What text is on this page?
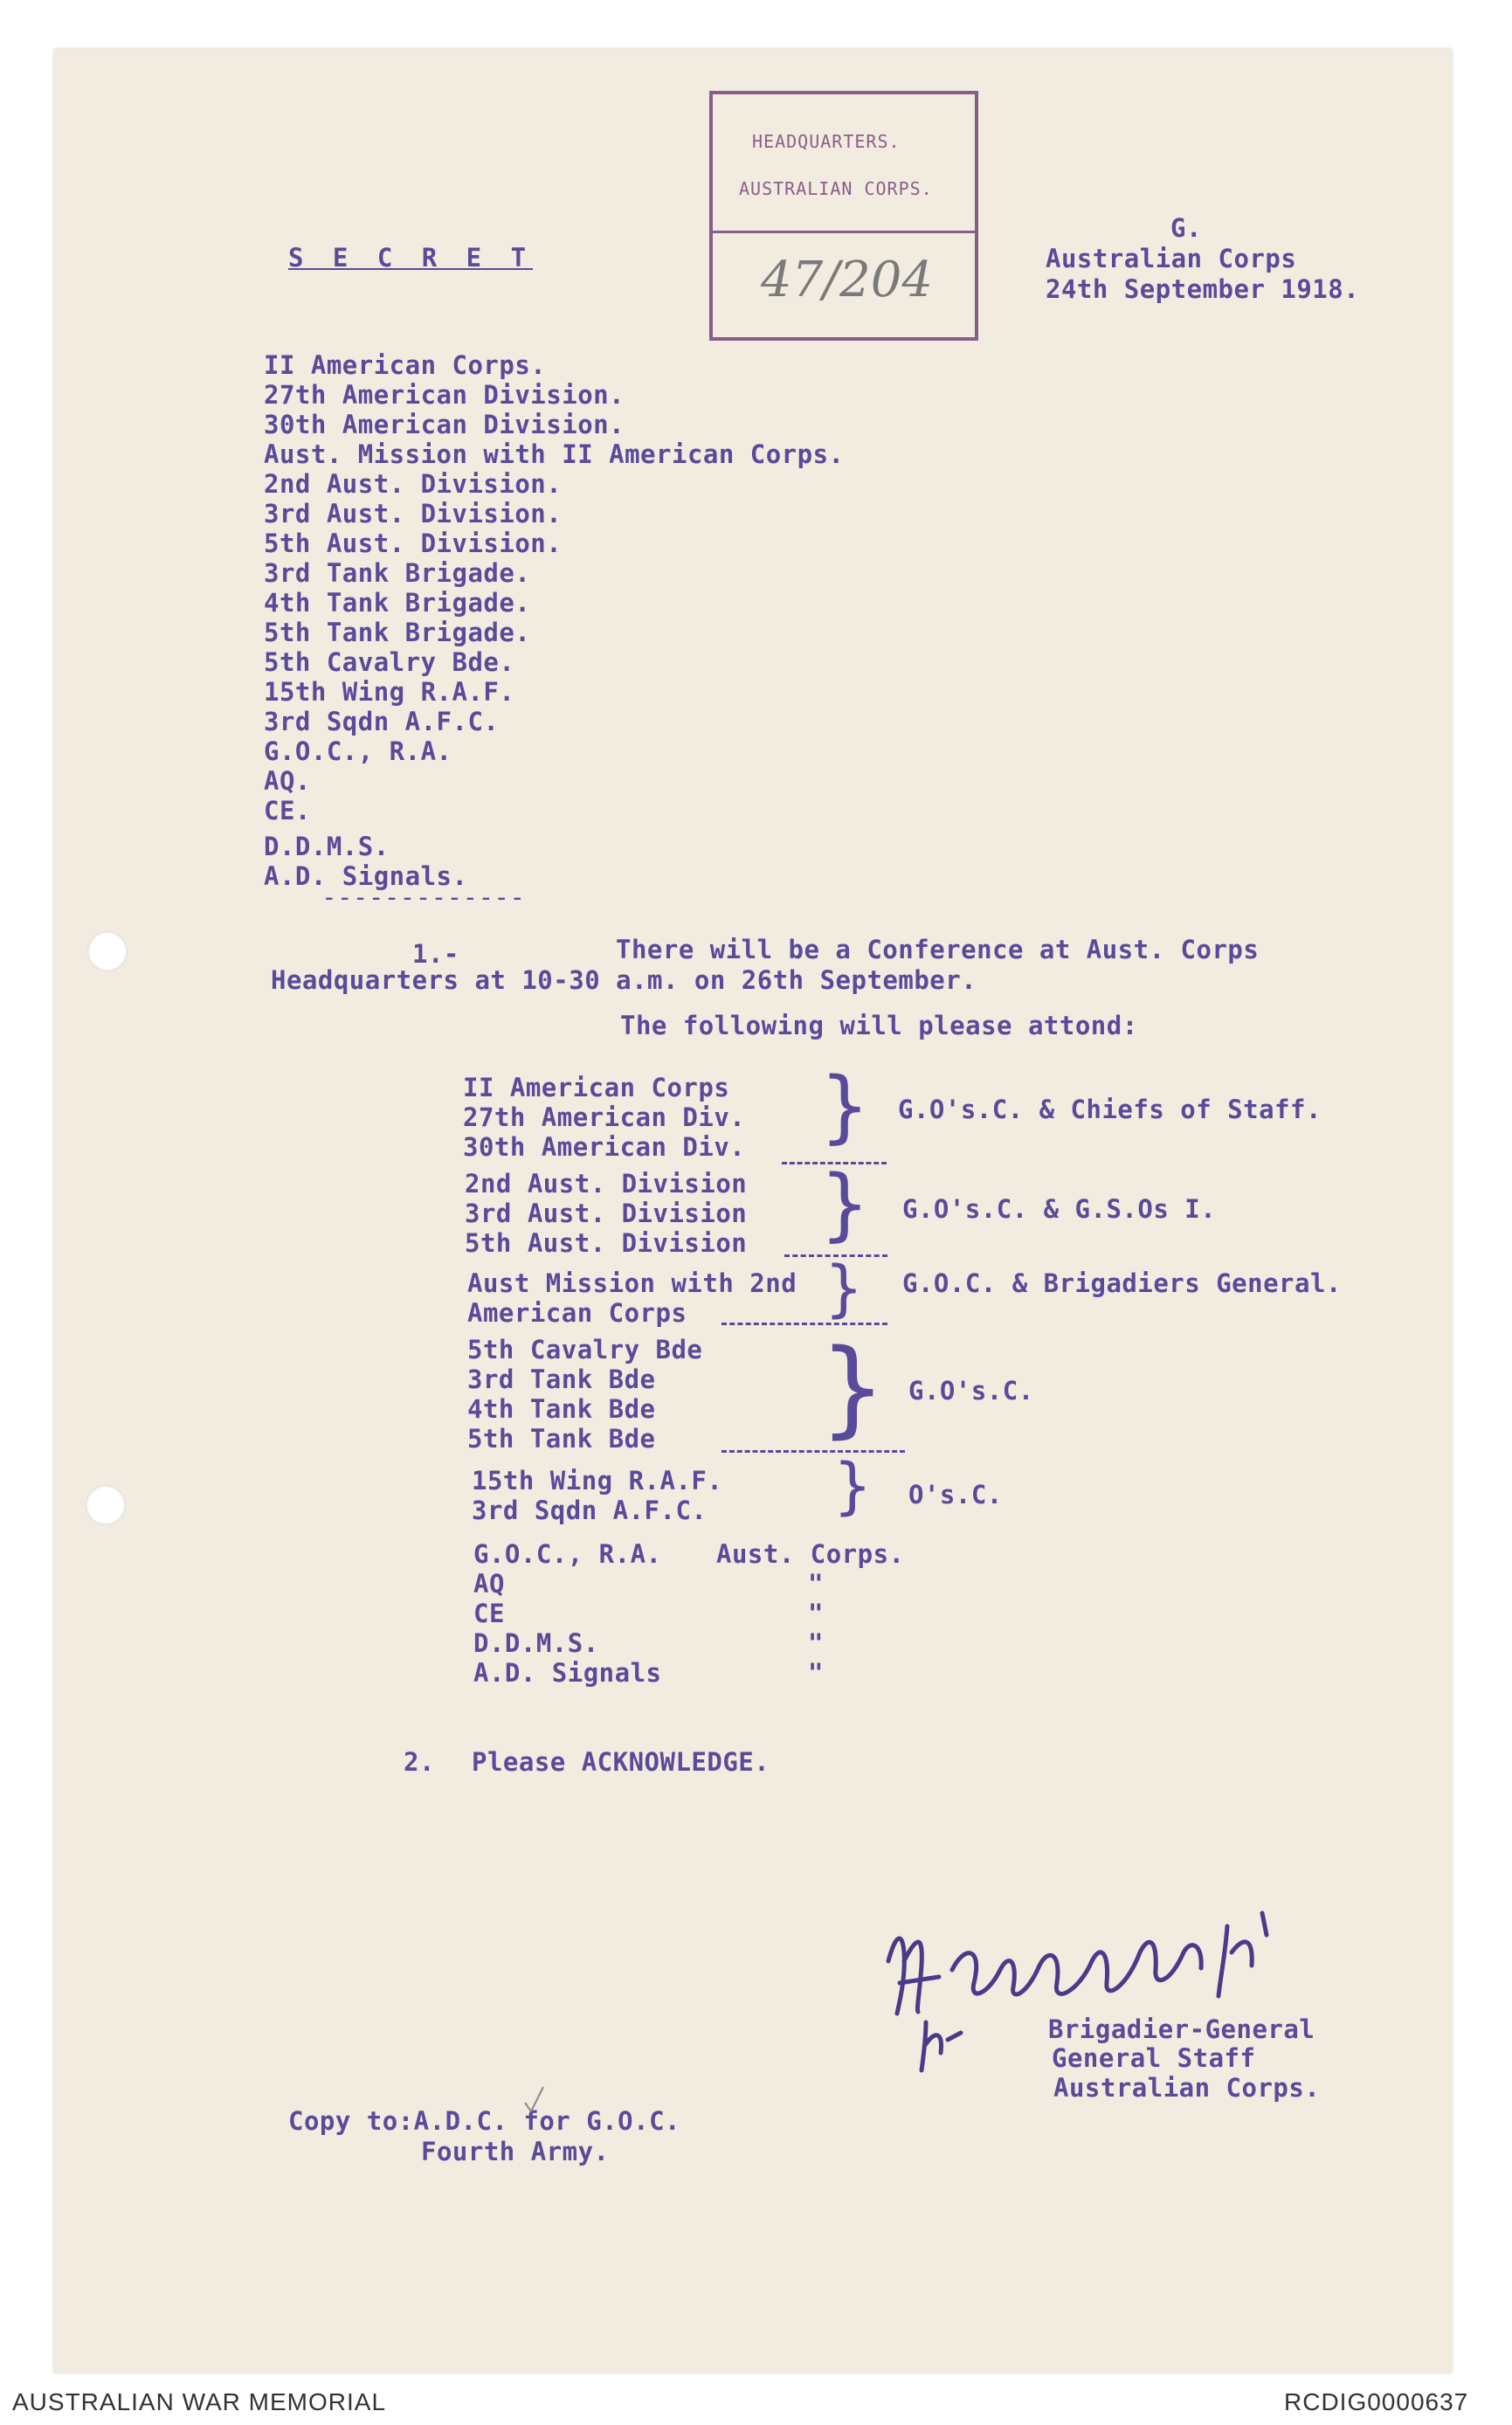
HEADQUARTERS.
AUSTRALIAN CORPS.
47/204
S E C R E T
G.
Australian Corps
24th September 1918.
II American Corps.
27th American Division.
30th American Division.
Aust. Mission with II American Corps.
2nd Aust. Division.
3rd Aust. Division.
5th Aust. Division.
3rd Tank Brigade.
4th Tank Brigade.
5th Tank Brigade.
5th Cavalry Bde.
15th Wing R.A.F.
3rd Sqdn A.F.C.
G.O.C., R.A.
AQ.
CE.
D.D.M.S.
A.D. Signals.
-------------
1.-	There will be a Conference at Aust. Corps
Headquarters at 10-30 a.m. on 26th September.
The following will please attond:
II American Corps
27th American Div.
30th American Div. } G.O's.C. & Chiefs of Staff.
2nd Aust. Division
3rd Aust. Division
5th Aust. Division } G.O's.C. & G.S.Os I.
Aust Mission with 2nd
American Corps } G.O.C. & Brigadiers General.
5th Cavalry Bde
3rd Tank Bde
4th Tank Bde
5th Tank Bde } G.O's.C.
15th Wing R.A.F.
3rd Sqdn A.F.C. } O's.C.
G.O.C., R.A. Aust. Corps.
AQ	"
CE	"
D.D.M.S.	"
A.D. Signals	"
2. Please ACKNOWLEDGE.
Brigadier-General
General Staff
Australian Corps.
Copy to:A.D.C. for G.O.C.
Fourth Army.
AUSTRALIAN WAR MEMORIAL	RCDIG0000637
